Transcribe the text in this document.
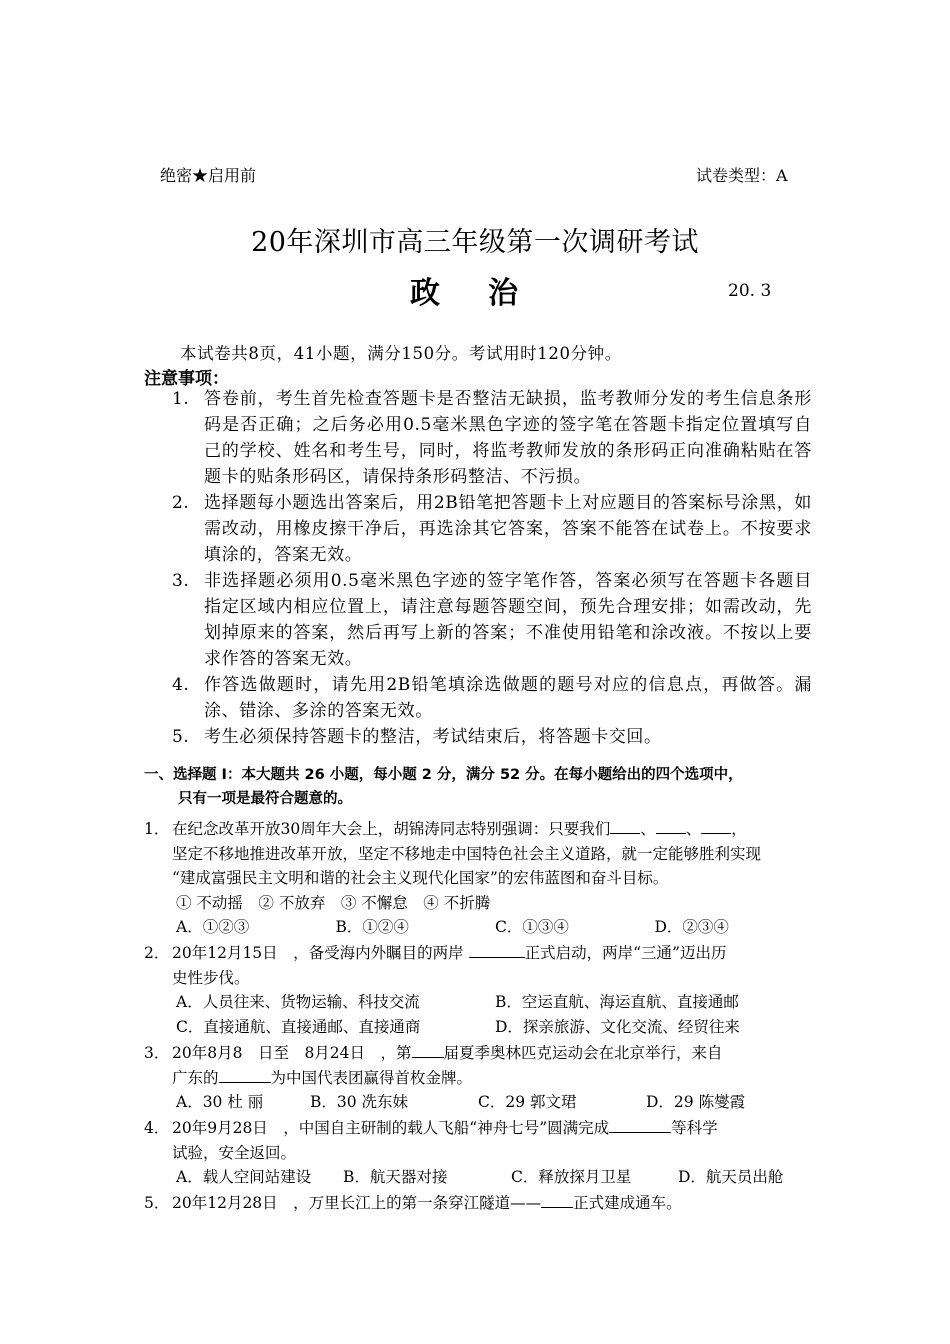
绝密★启用前	试卷类型：A
20年深圳市高三年级第一次调研考试
政 治	20. 3
本试卷共8页，41小题，满分150分。考试用时120分钟。
注意事项：
1. 答卷前，考生首先检查答题卡是否整洁无缺损，监考教师分发的考生信息条形码是否正确；之后务必用0.5毫米黑色字迹的签字笔在答题卡指定位置填写自己的学校、姓名和考生号，同时，将监考教师发放的条形码正向准确粘贴在答题卡的贴条形码区，请保持条形码整洁、不污损。
2. 选择题每小题选出答案后，用2B铅笔把答题卡上对应题目的答案标号涂黑，如需改动，用橡皮擦干净后，再选涂其它答案，答案不能答在试卷上。不按要求填涂的，答案无效。
3. 非选择题必须用0.5毫米黑色字迹的签字笔作答，答案必须写在答题卡各题目指定区域内相应位置上，请注意每题答题空间，预先合理安排；如需改动，先划掉原来的答案，然后再写上新的答案；不准使用铅笔和涂改液。不按以上要求作答的答案无效。
4. 作答选做题时，请先用2B铅笔填涂选做题的题号对应的信息点，再做答。漏涂、错涂、多涂的答案无效。
5. 考生必须保持答题卡的整洁，考试结束后，将答题卡交回。
一、选择题 I：本大题共 26 小题，每小题 2 分，满分 52 分。在每小题给出的四个选项中，
只有一项是最符合题意的。
1． 在纪念改革开放30周年大会上，胡锦涛同志特别强调：只要我们 、 、 ，
坚定不移地推进改革开放，坚定不移地走中国特色社会主义道路，就一定能够胜利实现
“建成富强民主文明和谐的社会主义现代化国家”的宏伟蓝图和奋斗目标。
① 不动摇　② 不放弃　③ 不懈怠　④ 不折腾
A．①②③	B．①②④	C．①③④	D．②③④
2． 20年12月15日　，备受海内外瞩目的两岸	正式启动，两岸“三通”迈出历
史性步伐。
A．人员往来、货物运输、科技交流	B．空运直航、海运直航、直接通邮
C．直接通航、直接通邮、直接通商	D．探亲旅游、文化交流、经贸往来
3． 20年8月8　日至　8月24日　，第 届夏季奥林匹克运动会在北京举行，来自
广东的	为中国代表团赢得首枚金牌。
A．30 杜 丽	B．30 冼东妹	C．29 郭文珺	D．29 陈燮霞
4． 20年9月28日　，中国自主研制的载人飞船“神舟七号”圆满完成	等科学
试验，安全返回。
A．载人空间站建设	B．航天器对接	C．释放探月卫星	D．航天员出舱
5． 20年12月28日　，万里长江上的第一条穿江隧道—— 正式建成通车。
